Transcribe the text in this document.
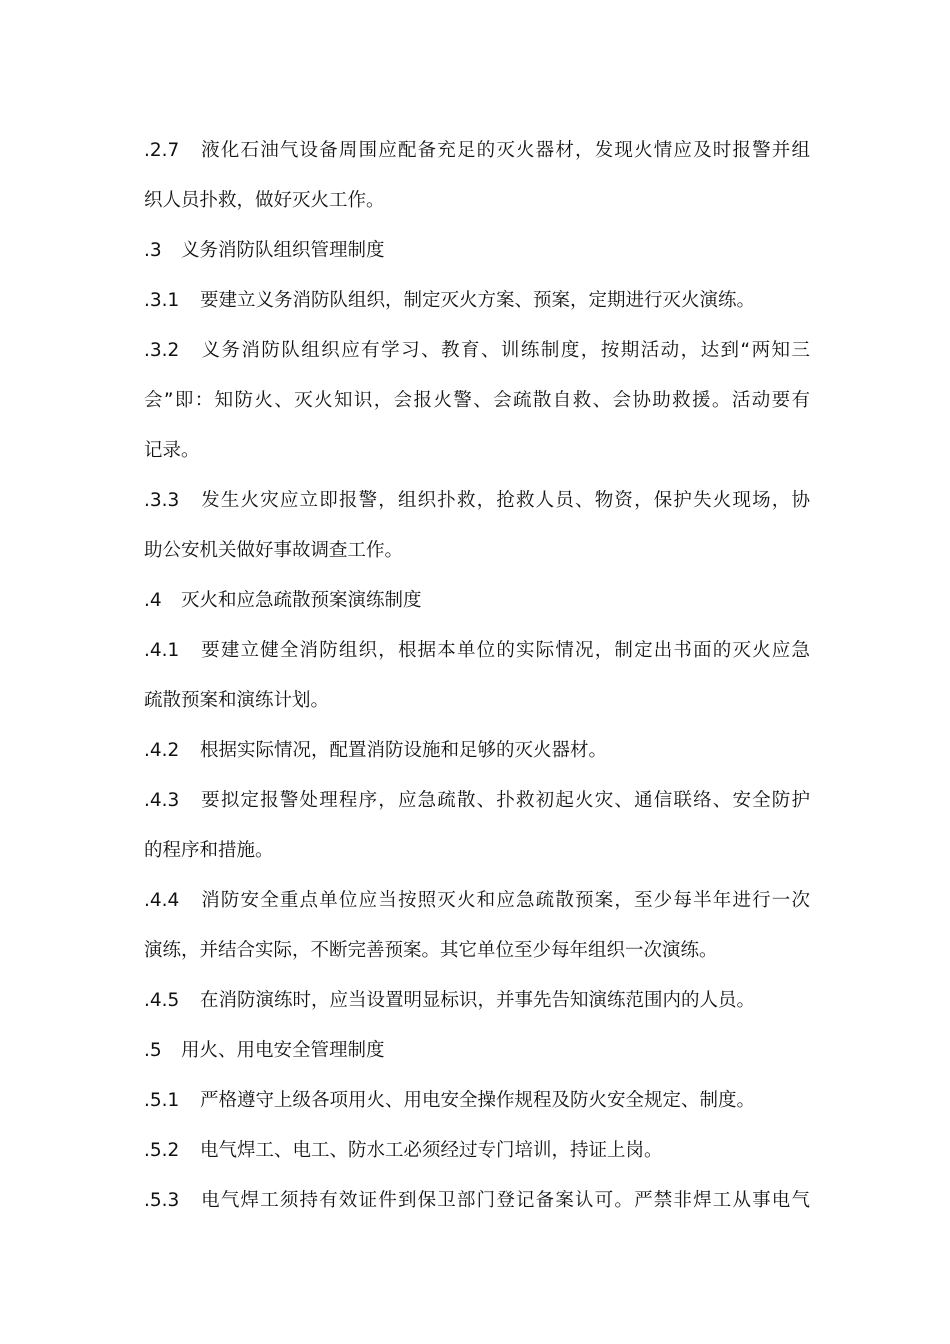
.2.7 液化石油气设备周围应配备充足的灭火器材，发现火情应及时报警并组
织人员扑救，做好灭火工作。
.3 义务消防队组织管理制度
.3.1 要建立义务消防队组织，制定灭火方案、预案，定期进行灭火演练。
.3.2 义务消防队组织应有学习、教育、训练制度，按期活动，达到“两知三
会”即：知防火、灭火知识，会报火警、会疏散自救、会协助救援。活动要有
记录。
.3.3 发生火灾应立即报警，组织扑救，抢救人员、物资，保护失火现场，协
助公安机关做好事故调查工作。
.4 灭火和应急疏散预案演练制度
.4.1 要建立健全消防组织，根据本单位的实际情况，制定出书面的灭火应急
疏散预案和演练计划。
.4.2 根据实际情况，配置消防设施和足够的灭火器材。
.4.3 要拟定报警处理程序，应急疏散、扑救初起火灾、通信联络、安全防护
的程序和措施。
.4.4 消防安全重点单位应当按照灭火和应急疏散预案，至少每半年进行一次
演练，并结合实际，不断完善预案。其它单位至少每年组织一次演练。
.4.5 在消防演练时，应当设置明显标识，并事先告知演练范围内的人员。
.5 用火、用电安全管理制度
.5.1 严格遵守上级各项用火、用电安全操作规程及防火安全规定、制度。
.5.2 电气焊工、电工、防水工必须经过专门培训，持证上岗。
.5.3 电气焊工须持有效证件到保卫部门登记备案认可。严禁非焊工从事电气
